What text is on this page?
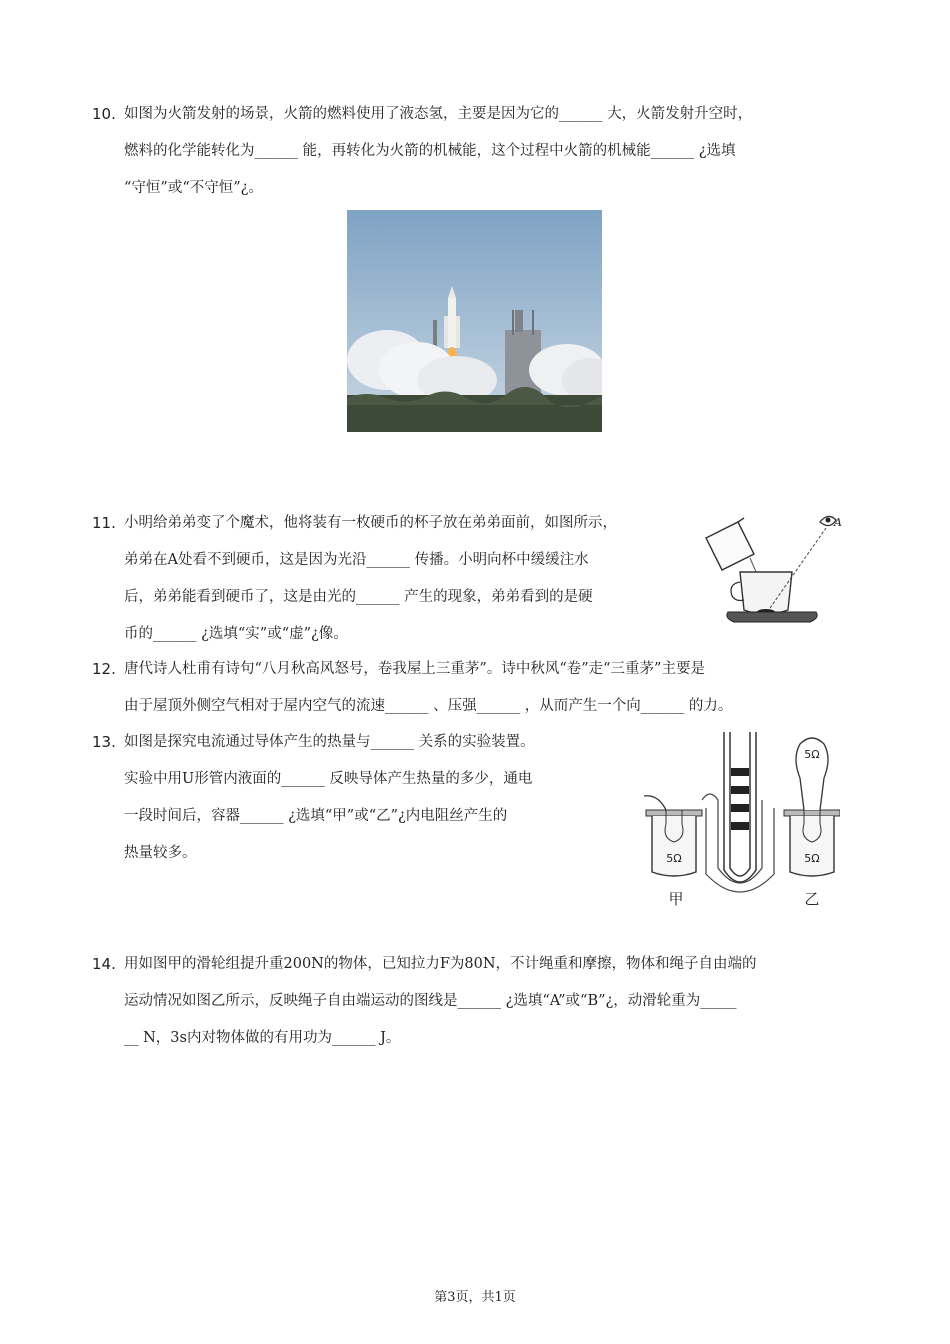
10. 如图为火箭发射的场景，火箭的燃料使用了液态氢，主要是因为它的______ 大，火箭发射升空时，
燃料的化学能转化为______ 能，再转化为火箭的机械能，这个过程中火箭的机械能______ ¿选填
“守恒”或“不守恒”¿。
11. 小明给弟弟变了个魔术，他将装有一枚硬币的杯子放在弟弟面前，如图所示，
弟弟在A处看不到硬币，这是因为光沿______ 传播。小明向杯中缓缓注水
后，弟弟能看到硬币了，这是由光的______ 产生的现象，弟弟看到的是硬
币的______ ¿选填“实”或“虚”¿像。
A
12. 唐代诗人杜甫有诗句“八月秋高风怒号，卷我屋上三重茅”。诗中秋风“卷”走“三重茅”主要是
由于屋顶外侧空气相对于屋内空气的流速______ 、压强______ ，从而产生一个向______ 的力。
13. 如图是探究电流通过导体产生的热量与______ 关系的实验装置。
实验中用U形管内液面的______ 反映导体产生热量的多少，通电
一段时间后，容器______ ¿选填“甲”或“乙”¿内电阻丝产生的
热量较多。	5Ω	5Ω
5Ω
甲	乙
14. 用如图甲的滑轮组提升重200N的物体，已知拉力F为80N，不计绳重和摩擦，物体和绳子自由端的
运动情况如图乙所示，反映绳子自由端运动的图线是______ ¿选填“A”或“B”¿，动滑轮重为_____
__ N，3s内对物体做的有用功为______ J。
第3页，共1页
